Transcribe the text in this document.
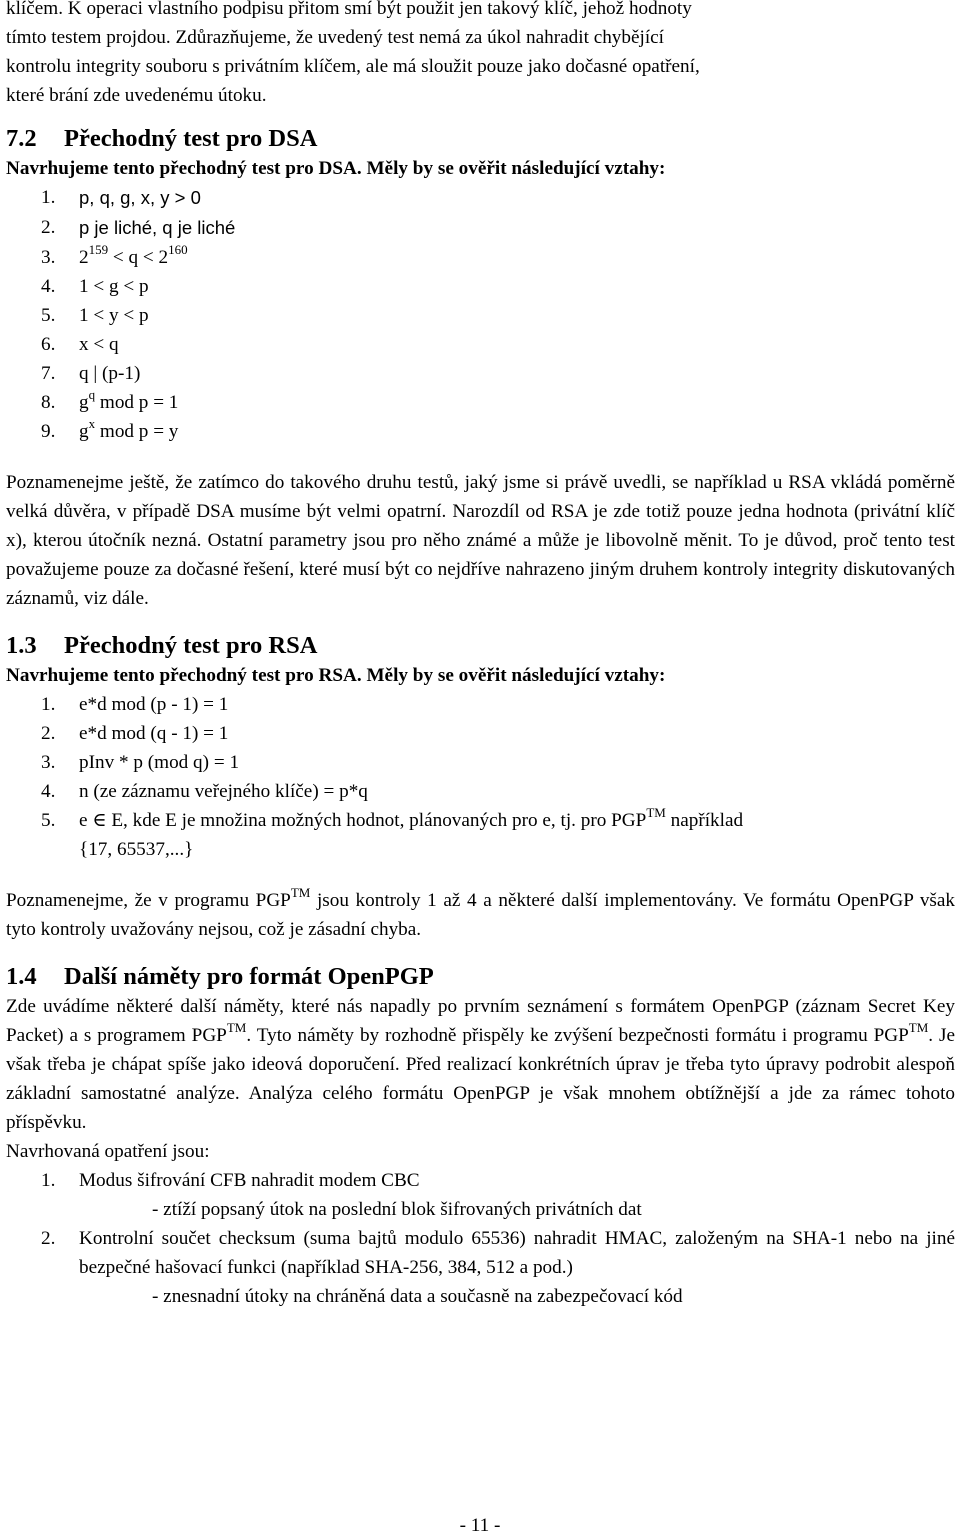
klíčem. K operaci vlastního podpisu přitom smí být použit jen takový klíč, jehož hodnoty

tímto testem projdou. Zdůrazňujeme, že uvedený test nemá za úkol nahradit chybějící

kontrolu integrity souboru s privátním klíčem, ale má sloužit pouze jako dočasné opatření,

které brání zde uvedenému útoku.

7.2 Přechodný test pro DSA

Navrhujeme tento přechodný test pro DSA. Měly by se ověřit následující vztahy:

1. p, q, g, x, y > 0
2. p je liché, q je liché
3. $2^{159} < q < 2^{160}$
4. 1 < g < p
5. 1 < y < p
6. x < q
7. q | (p-1)
8. $g^q$ mod p = 1
9. $g^x$ mod p = y

Poznamenejme ještě, že zatímco do takového druhu testů, jaký jsme si právě uvedli, se například u RSA vkládá poměrně velká důvěra, v případě DSA musíme být velmi opatrní. Narozdíl od RSA je zde totiž pouze jedna hodnota (privátní klíč x), kterou útočník nezná. Ostatní parametry jsou pro něho známé a může je libovolně měnit. To je důvod, proč tento test považujeme pouze za dočasné řešení, které musí být co nejdříve nahrazeno jiným druhem kontroly integrity diskutovaných záznamů, viz dále.

1.3 Přechodný test pro RSA

Navrhujeme tento přechodný test pro RSA. Měly by se ověřit následující vztahy:

1. e*d mod (p - 1) = 1
2. e*d mod (q - 1) = 1
3. pInv * p (mod q) = 1
4. n (ze záznamu veřejného klíče) = p*q
5. e ∈ E, kde E je množina možných hodnot, plánovaných pro e, tj. pro PGP™ například
{17, 65537,...}

Poznamenejme, že v programu PGP™ jsou kontroly 1 až 4 a některé další implementovány. Ve formátu OpenPGP však tyto kontroly uvažovány nejsou, což je zásadní chyba.

1.4 Další náměty pro formát OpenPGP

Zde uvádíme některé další náměty, které nás napadly po prvním seznámení s formátem OpenPGP (záznam Secret Key Packet) a s programem PGP™. Tyto náměty by rozhodně přispěly ke zvýšení bezpečnosti formátu i programu PGP™. Je však třeba je chápat spíše jako ideová doporučení. Před realizací konkrétních úprav je třeba tyto úpravy podrobit alespoň základní samostatné analýze. Analýza celého formátu OpenPGP je však mnohem obtížnější a jde za rámec tohoto příspěvku.

Navrhovaná opatření jsou:

1. Modus šifrování CFB nahradit modem CBC

- ztíží popsaný útok na poslední blok šifrovaných privátních dat

2. Kontrolní součet checksum (suma bajtů modulo 65536) nahradit HMAC, založeným na SHA-1 nebo na jiné bezpečné hašovací funkci (například SHA-256, 384, 512 a pod.)

- znesnadní útoky na chráněná data a současně na zabezpečovací kód

- 11 -
